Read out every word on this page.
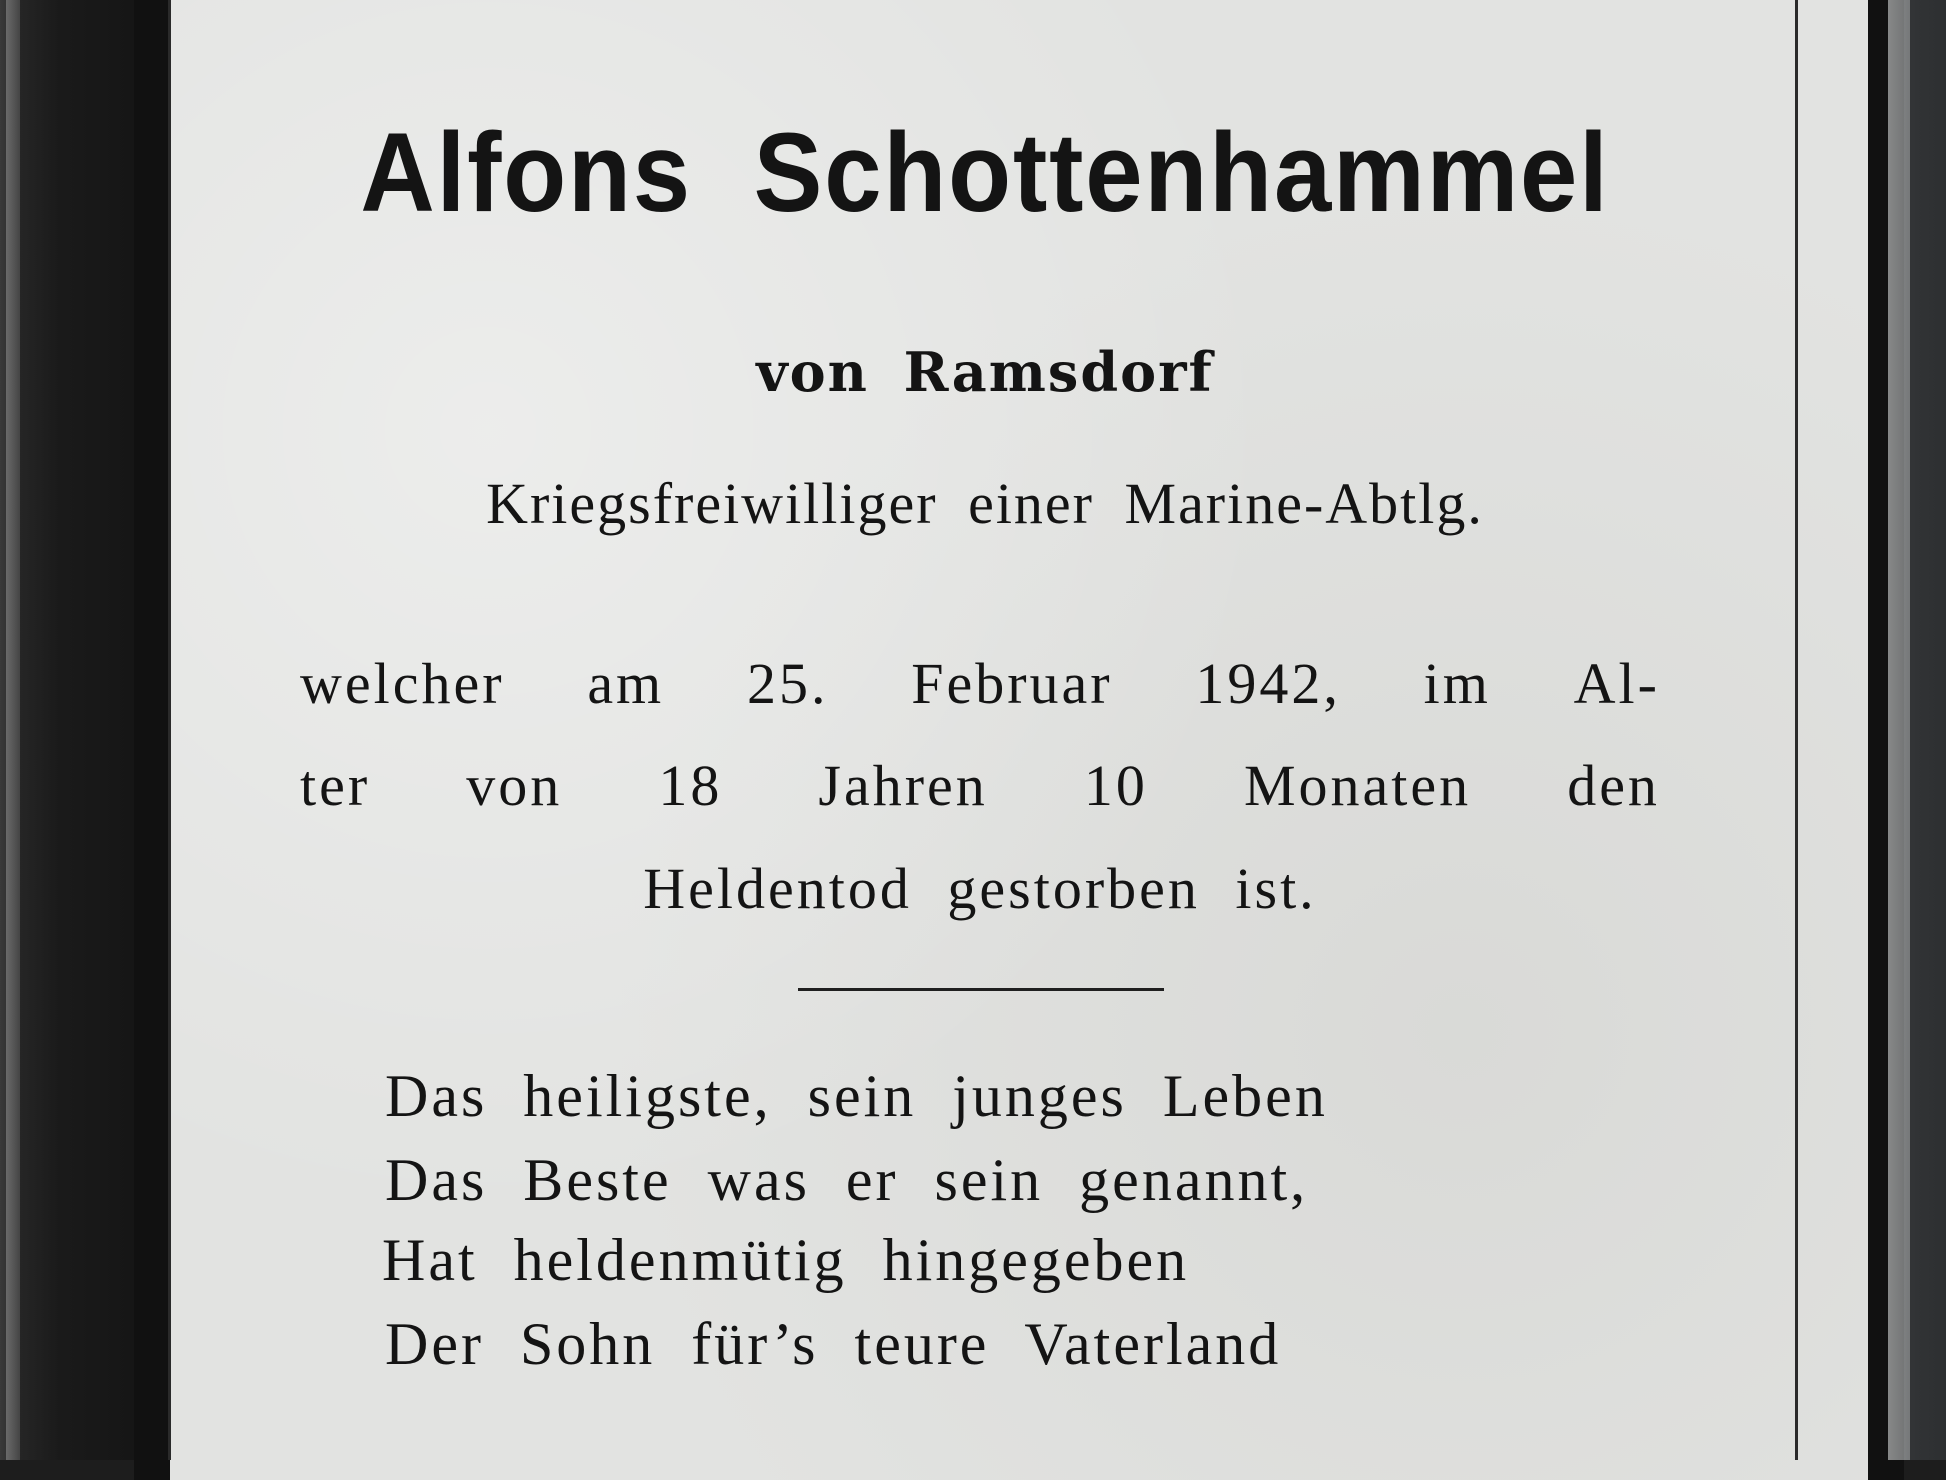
Alfons Schottenhammel
von Ramsdorf
Kriegsfreiwilliger einer Marine-Abtlg.
welcher am 25. Februar 1942, im Al-
ter von 18 Jahren 10 Monaten den
Heldentod gestorben ist.
Das heiligste, sein junges Leben
Das Beste was er sein genannt,
Hat heldenmütig hingegeben
Der Sohn für’s teure Vaterland
